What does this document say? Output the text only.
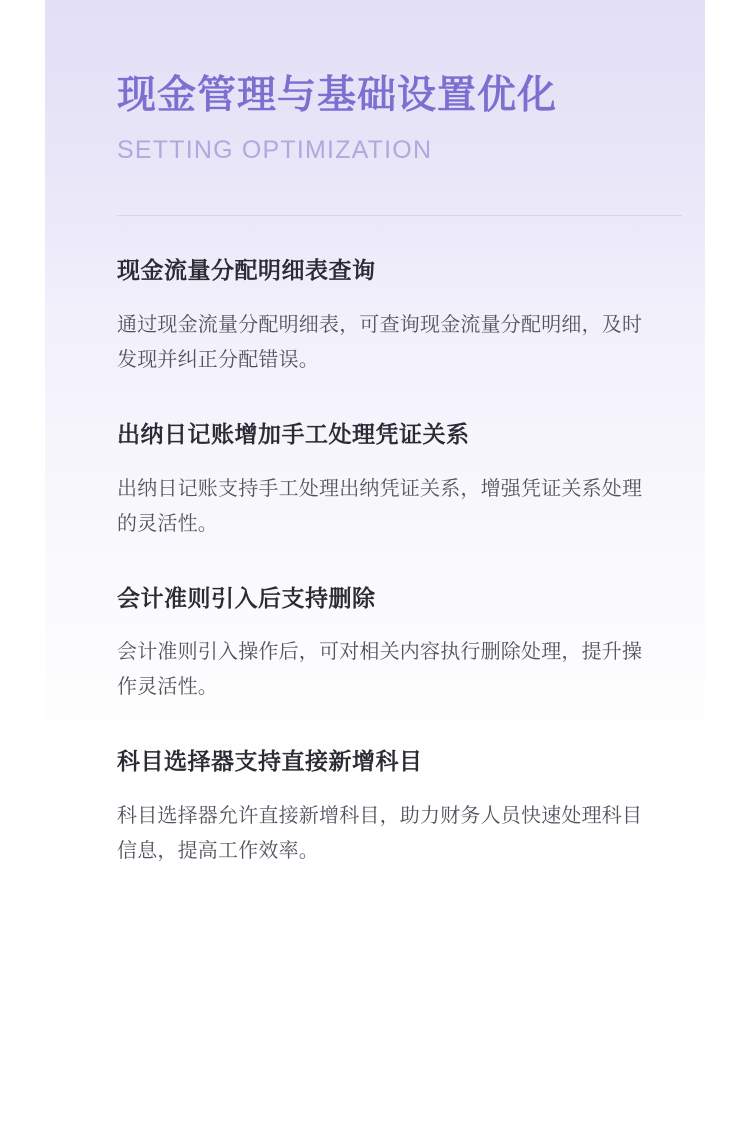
现金管理与基础设置优化
SETTING OPTIMIZATION
现金流量分配明细表查询

通过现金流量分配明细表，可查询现金流量分配明细，及时发现并纠正分配错误。

出纳日记账增加手工处理凭证关系

出纳日记账支持手工处理出纳凭证关系，增强凭证关系处理的灵活性。

会计准则引入后支持删除

会计准则引入操作后，可对相关内容执行删除处理，提升操作灵活性。

科目选择器支持直接新增科目

科目选择器允许直接新增科目，助力财务人员快速处理科目信息，提高工作效率。
